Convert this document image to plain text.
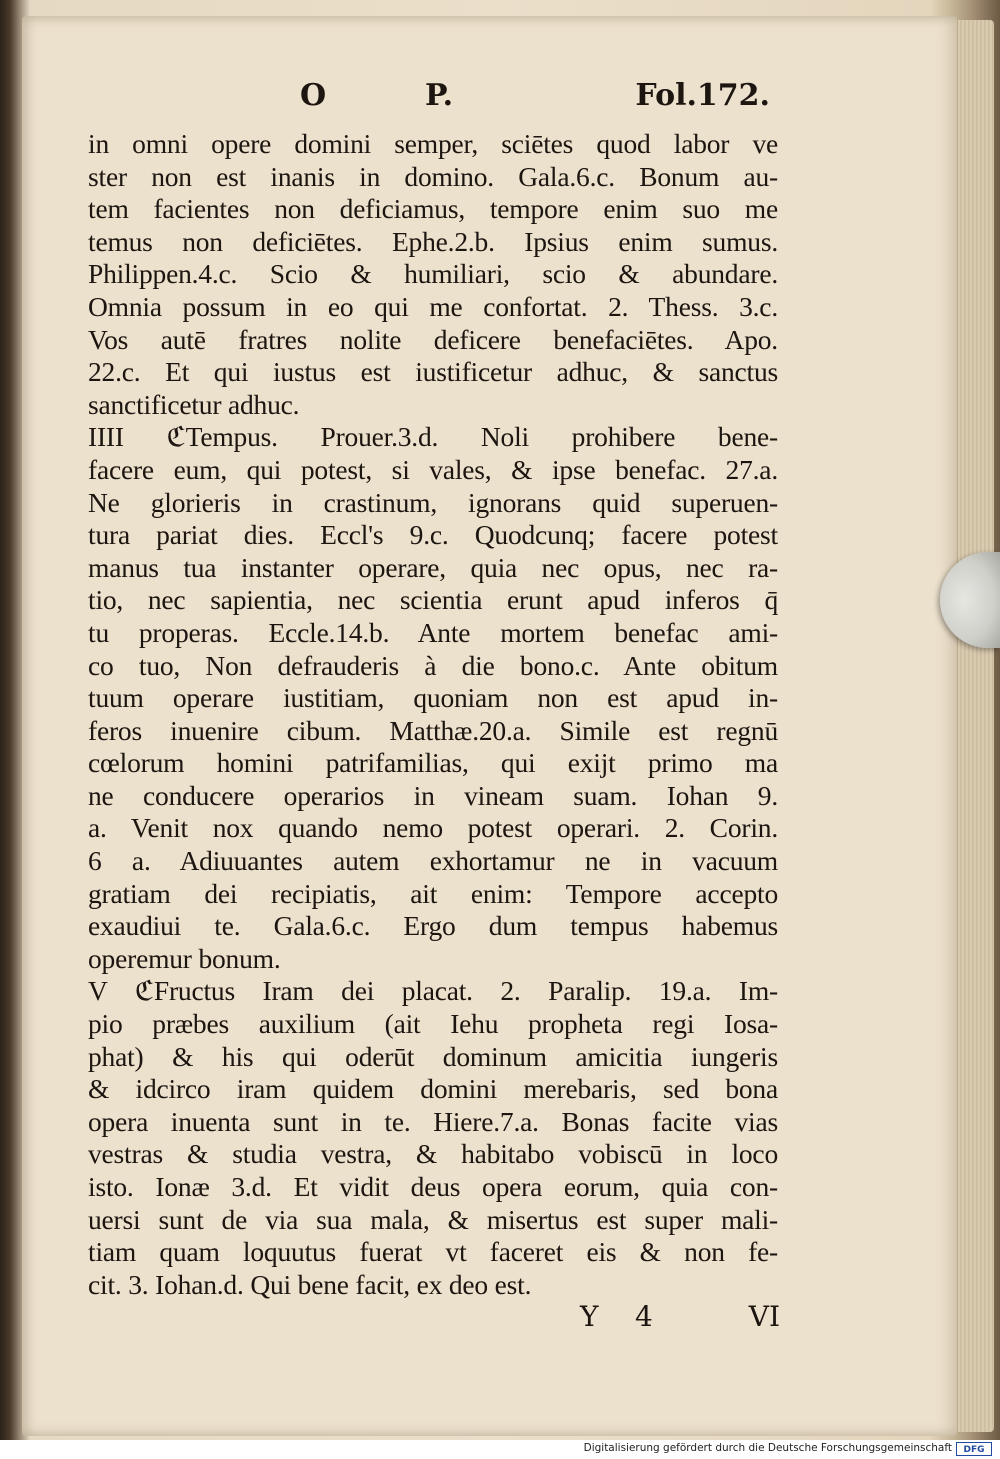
O	P.	Fol.172.
in omni opere domini semper, sciētes quod labor ve
ster non est inanis in domino. Gala.6.c. Bonum au-
tem facientes non deficiamus, tempore enim suo me
temus non deficiētes. Ephe.2.b. Ipsius enim sumus.
Philippen.4.c. Scio & humiliari, scio & abundare.
Omnia possum in eo qui me confortat. 2. Thess. 3.c.
Vos autē fratres nolite deficere benefaciētes. Apo.
22.c. Et qui iustus est iustificetur adhuc, & sanctus
sanctificetur adhuc.
IIII ℭTempus. Prouer.3.d. Noli prohibere bene-
facere eum, qui potest, si vales, & ipse benefac. 27.a.
Ne glorieris in crastinum, ignorans quid superuen-
tura pariat dies. Eccl's 9.c. Quodcunq; facere potest
manus tua instanter operare, quia nec opus, nec ra-
tio, nec sapientia, nec scientia erunt apud inferos q̄
tu properas. Eccle.14.b. Ante mortem benefac ami-
co tuo, Non defrauderis à die bono.c. Ante obitum
tuum operare iustitiam, quoniam non est apud in-
feros inuenire cibum. Matthæ.20.a. Simile est regnū
cœlorum homini patrifamilias, qui exijt primo ma
ne conducere operarios in vineam suam. Iohan 9.
a. Venit nox quando nemo potest operari. 2. Corin.
6 a. Adiuuantes autem exhortamur ne in vacuum
gratiam dei recipiatis, ait enim: Tempore accepto
exaudiui te. Gala.6.c. Ergo dum tempus habemus
operemur bonum.
V ℭFructus Iram dei placat. 2. Paralip. 19.a. Im-
pio præbes auxilium (ait Iehu propheta regi Iosa-
phat) & his qui oderūt dominum amicitia iungeris
& idcirco iram quidem domini merebaris, sed bona
opera inuenta sunt in te. Hiere.7.a. Bonas facite vias
vestras & studia vestra, & habitabo vobiscū in loco
isto. Ionæ 3.d. Et vidit deus opera eorum, quia con-
uersi sunt de via sua mala, & misertus est super mali-
tiam quam loquutus fuerat vt faceret eis & non fe-
cit. 3. Iohan.d. Qui bene facit, ex deo est.
Y 4	VI
Digitalisierung gefördert durch die Deutsche Forschungsgemeinschaft	DFG
